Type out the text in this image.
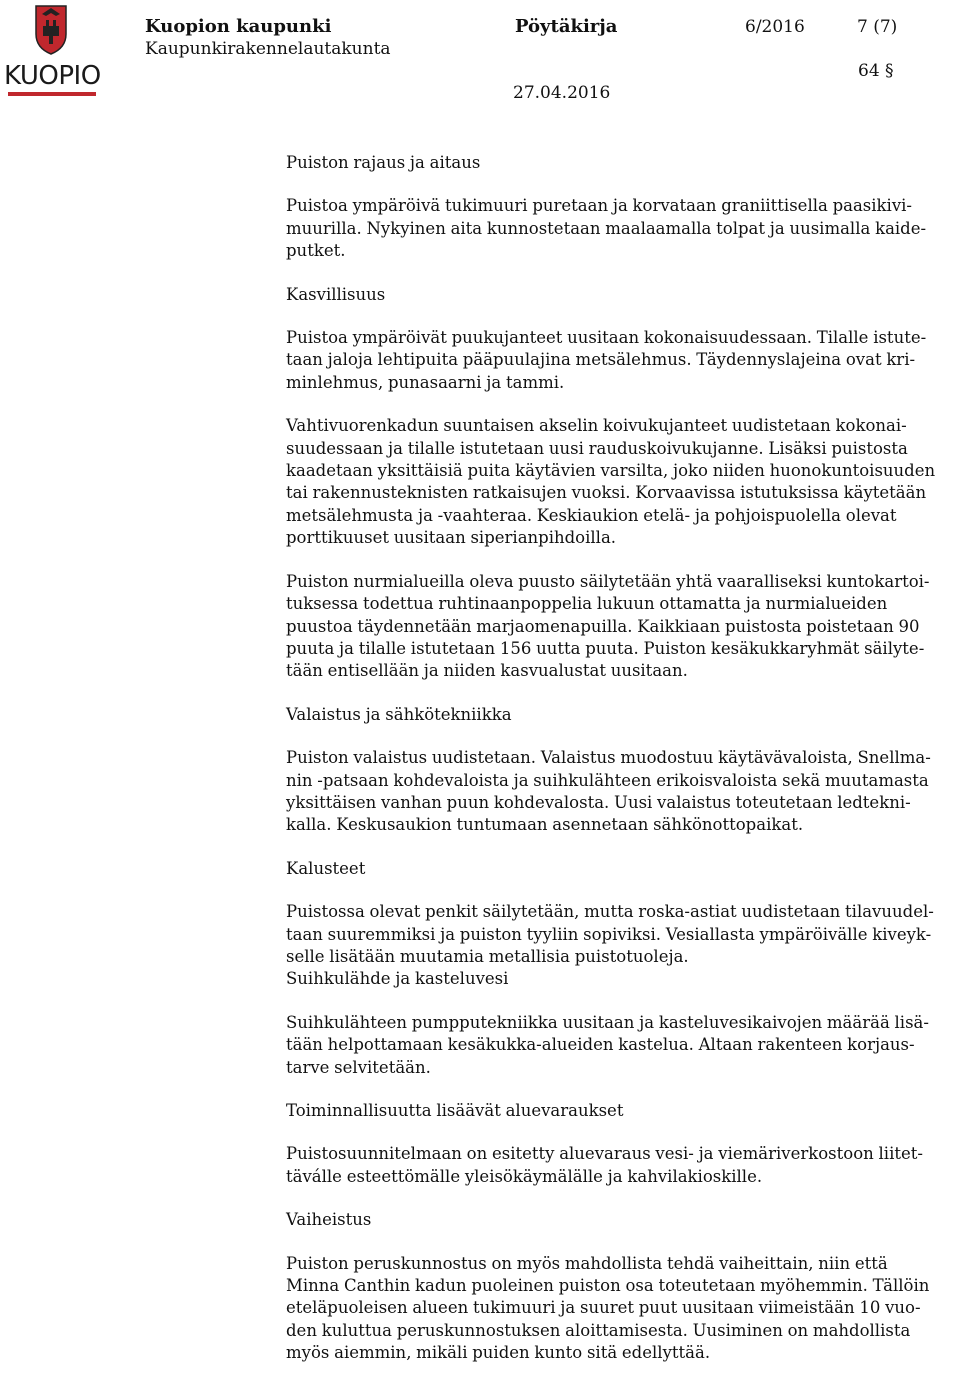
KUOPIO
Kuopion kaupunki
Kaupunkirakennelautakunta
Pöytäkirja	6/2016	7 (7)
64 §
27.04.2016

Puiston rajaus ja aitaus

Puistoa ympäröivä tukimuuri puretaan ja korvataan graniittisella paasikivi-
muurilla. Nykyinen aita kunnostetaan maalaamalla tolpat ja uusimalla kaide-
putket.

Kasvillisuus

Puistoa ympäröivät puukujanteet uusitaan kokonaisuudessaan. Tilalle istute-
taan jaloja lehtipuita pääpuulajina metsälehmus. Täydennyslajeina ovat kri-
minlehmus, punasaarni ja tammi.

Vahtivuorenkadun suuntaisen akselin koivukujanteet uudistetaan kokonai-
suudessaan ja tilalle istutetaan uusi rauduskoivukujanne. Lisäksi puistosta
kaadetaan yksittäisiä puita käytävien varsilta, joko niiden huonokuntoisuuden
tai rakennusteknisten ratkaisujen vuoksi. Korvaavissa istutuksissa käytetään
metsälehmusta ja -vaahteraa. Keskiaukion etelä- ja pohjoispuolella olevat
porttikuuset uusitaan siperianpihdoilla.

Puiston nurmialueilla oleva puusto säilytetään yhtä vaaralliseksi kuntokartoi-
tuksessa todettua ruhtinaanpoppelia lukuun ottamatta ja nurmialueiden
puustoa täydennetään marjaomenapuilla. Kaikkiaan puistosta poistetaan 90
puuta ja tilalle istutetaan 156 uutta puuta. Puiston kesäkukkaryhmät säilyte-
tään entisellään ja niiden kasvualustat uusitaan.

Valaistus ja sähkötekniikka

Puiston valaistus uudistetaan. Valaistus muodostuu käytävävaloista, Snellma-
nin -patsaan kohdevaloista ja suihkulähteen erikoisvaloista sekä muutamasta
yksittäisen vanhan puun kohdevalosta. Uusi valaistus toteutetaan ledtekni-
kalla. Keskusaukion tuntumaan asennetaan sähkönottopaikat.

Kalusteet

Puistossa olevat penkit säilytetään, mutta roska-astiat uudistetaan tilavuudel-
taan suuremmiksi ja puiston tyyliin sopiviksi. Vesiallasta ympäröivälle kiveyk-
selle lisätään muutamia metallisia puistotuoleja.

Suihkulähde ja kasteluvesi

Suihkulähteen pumpputekniikka uusitaan ja kasteluvesikaivojen määrää lisä-
tään helpottamaan kesäkukka-alueiden kastelua. Altaan rakenteen korjaus-
tarve selvitetään.

Toiminnallisuutta lisäävät aluevaraukset

Puistosuunnitelmaan on esitetty aluevaraus vesi- ja viemäriverkostoon liitet-
täválle esteettömälle yleisökäymälälle ja kahvilakioskille.

Vaiheistus

Puiston peruskunnostus on myös mahdollista tehdä vaiheittain, niin että
Minna Canthin kadun puoleinen puiston osa toteutetaan myöhemmin. Tällöin
eteläpuoleisen alueen tukimuuri ja suuret puut uusitaan viimeistään 10 vuo-
den kuluttua peruskunnostuksen aloittamisesta. Uusiminen on mahdollista
myös aiemmin, mikäli puiden kunto sitä edellyttää.
